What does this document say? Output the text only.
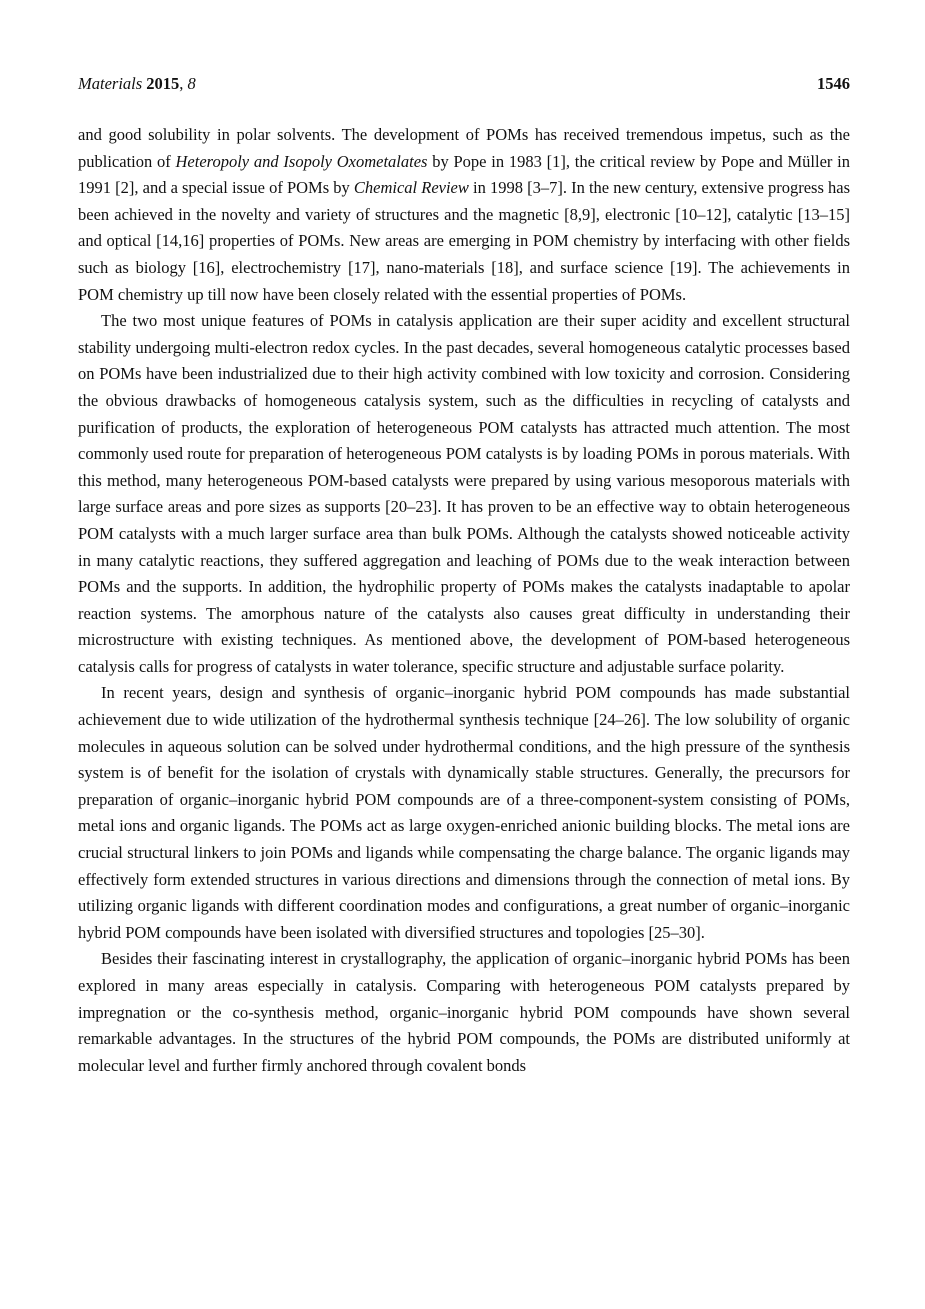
Materials 2015, 8	1546

and good solubility in polar solvents. The development of POMs has received tremendous impetus, such as the publication of Heteropoly and Isopoly Oxometalates by Pope in 1983 [1], the critical review by Pope and Müller in 1991 [2], and a special issue of POMs by Chemical Review in 1998 [3–7]. In the new century, extensive progress has been achieved in the novelty and variety of structures and the magnetic [8,9], electronic [10–12], catalytic [13–15] and optical [14,16] properties of POMs. New areas are emerging in POM chemistry by interfacing with other fields such as biology [16], electrochemistry [17], nano-materials [18], and surface science [19]. The achievements in POM chemistry up till now have been closely related with the essential properties of POMs.

The two most unique features of POMs in catalysis application are their super acidity and excellent structural stability undergoing multi-electron redox cycles. In the past decades, several homogeneous catalytic processes based on POMs have been industrialized due to their high activity combined with low toxicity and corrosion. Considering the obvious drawbacks of homogeneous catalysis system, such as the difficulties in recycling of catalysts and purification of products, the exploration of heterogeneous POM catalysts has attracted much attention. The most commonly used route for preparation of heterogeneous POM catalysts is by loading POMs in porous materials. With this method, many heterogeneous POM-based catalysts were prepared by using various mesoporous materials with large surface areas and pore sizes as supports [20–23]. It has proven to be an effective way to obtain heterogeneous POM catalysts with a much larger surface area than bulk POMs. Although the catalysts showed noticeable activity in many catalytic reactions, they suffered aggregation and leaching of POMs due to the weak interaction between POMs and the supports. In addition, the hydrophilic property of POMs makes the catalysts inadaptable to apolar reaction systems. The amorphous nature of the catalysts also causes great difficulty in understanding their microstructure with existing techniques. As mentioned above, the development of POM-based heterogeneous catalysis calls for progress of catalysts in water tolerance, specific structure and adjustable surface polarity.

In recent years, design and synthesis of organic–inorganic hybrid POM compounds has made substantial achievement due to wide utilization of the hydrothermal synthesis technique [24–26]. The low solubility of organic molecules in aqueous solution can be solved under hydrothermal conditions, and the high pressure of the synthesis system is of benefit for the isolation of crystals with dynamically stable structures. Generally, the precursors for preparation of organic–inorganic hybrid POM compounds are of a three-component-system consisting of POMs, metal ions and organic ligands. The POMs act as large oxygen-enriched anionic building blocks. The metal ions are crucial structural linkers to join POMs and ligands while compensating the charge balance. The organic ligands may effectively form extended structures in various directions and dimensions through the connection of metal ions. By utilizing organic ligands with different coordination modes and configurations, a great number of organic–inorganic hybrid POM compounds have been isolated with diversified structures and topologies [25–30].

Besides their fascinating interest in crystallography, the application of organic–inorganic hybrid POMs has been explored in many areas especially in catalysis. Comparing with heterogeneous POM catalysts prepared by impregnation or the co-synthesis method, organic–inorganic hybrid POM compounds have shown several remarkable advantages. In the structures of the hybrid POM compounds, the POMs are distributed uniformly at molecular level and further firmly anchored through covalent bonds
